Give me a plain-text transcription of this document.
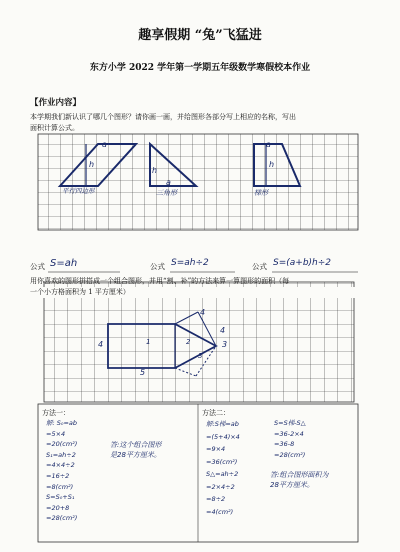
趣享假期 “兔”飞猛进
东方小学 2022 学年第一学期五年级数学寒假校本作业
【作业内容】
本学期我们新认识了哪几个图形？请你画一画，并给图形各部分写上相应的名称，写出
面积计算公式。
a
h
平行四边形
h
a
三角形
a
h
梯形
公式 S=ah	公式 S=ah÷2	公式 S=(a+b)h÷2
用你喜欢的图形拼搭成一个组合图形，并用“割、补”的方法来算一算图形的面积（每
一个小方格面积为 1 平方厘米）
4
4
3
4
5
1	2
3
方法一：	方法二：
解: S₀=ab
=5×4
=20(cm²)
S₁=ah÷2
=4×4÷2
=16÷2
=8(cm²)
S=S₀+S₁
=20+8
=28(cm²)
答:这个组合图形
是28平方厘米。
解:S梯=ab
=(5+4)×4
=9×4
=36(cm²)
S△=ah÷2
=2×4÷2
=8÷2
=4(cm²)
S=S梯-S△
=36-2×4
=36-8
=28(cm²)
答:组合图形面积为
28平方厘米。
